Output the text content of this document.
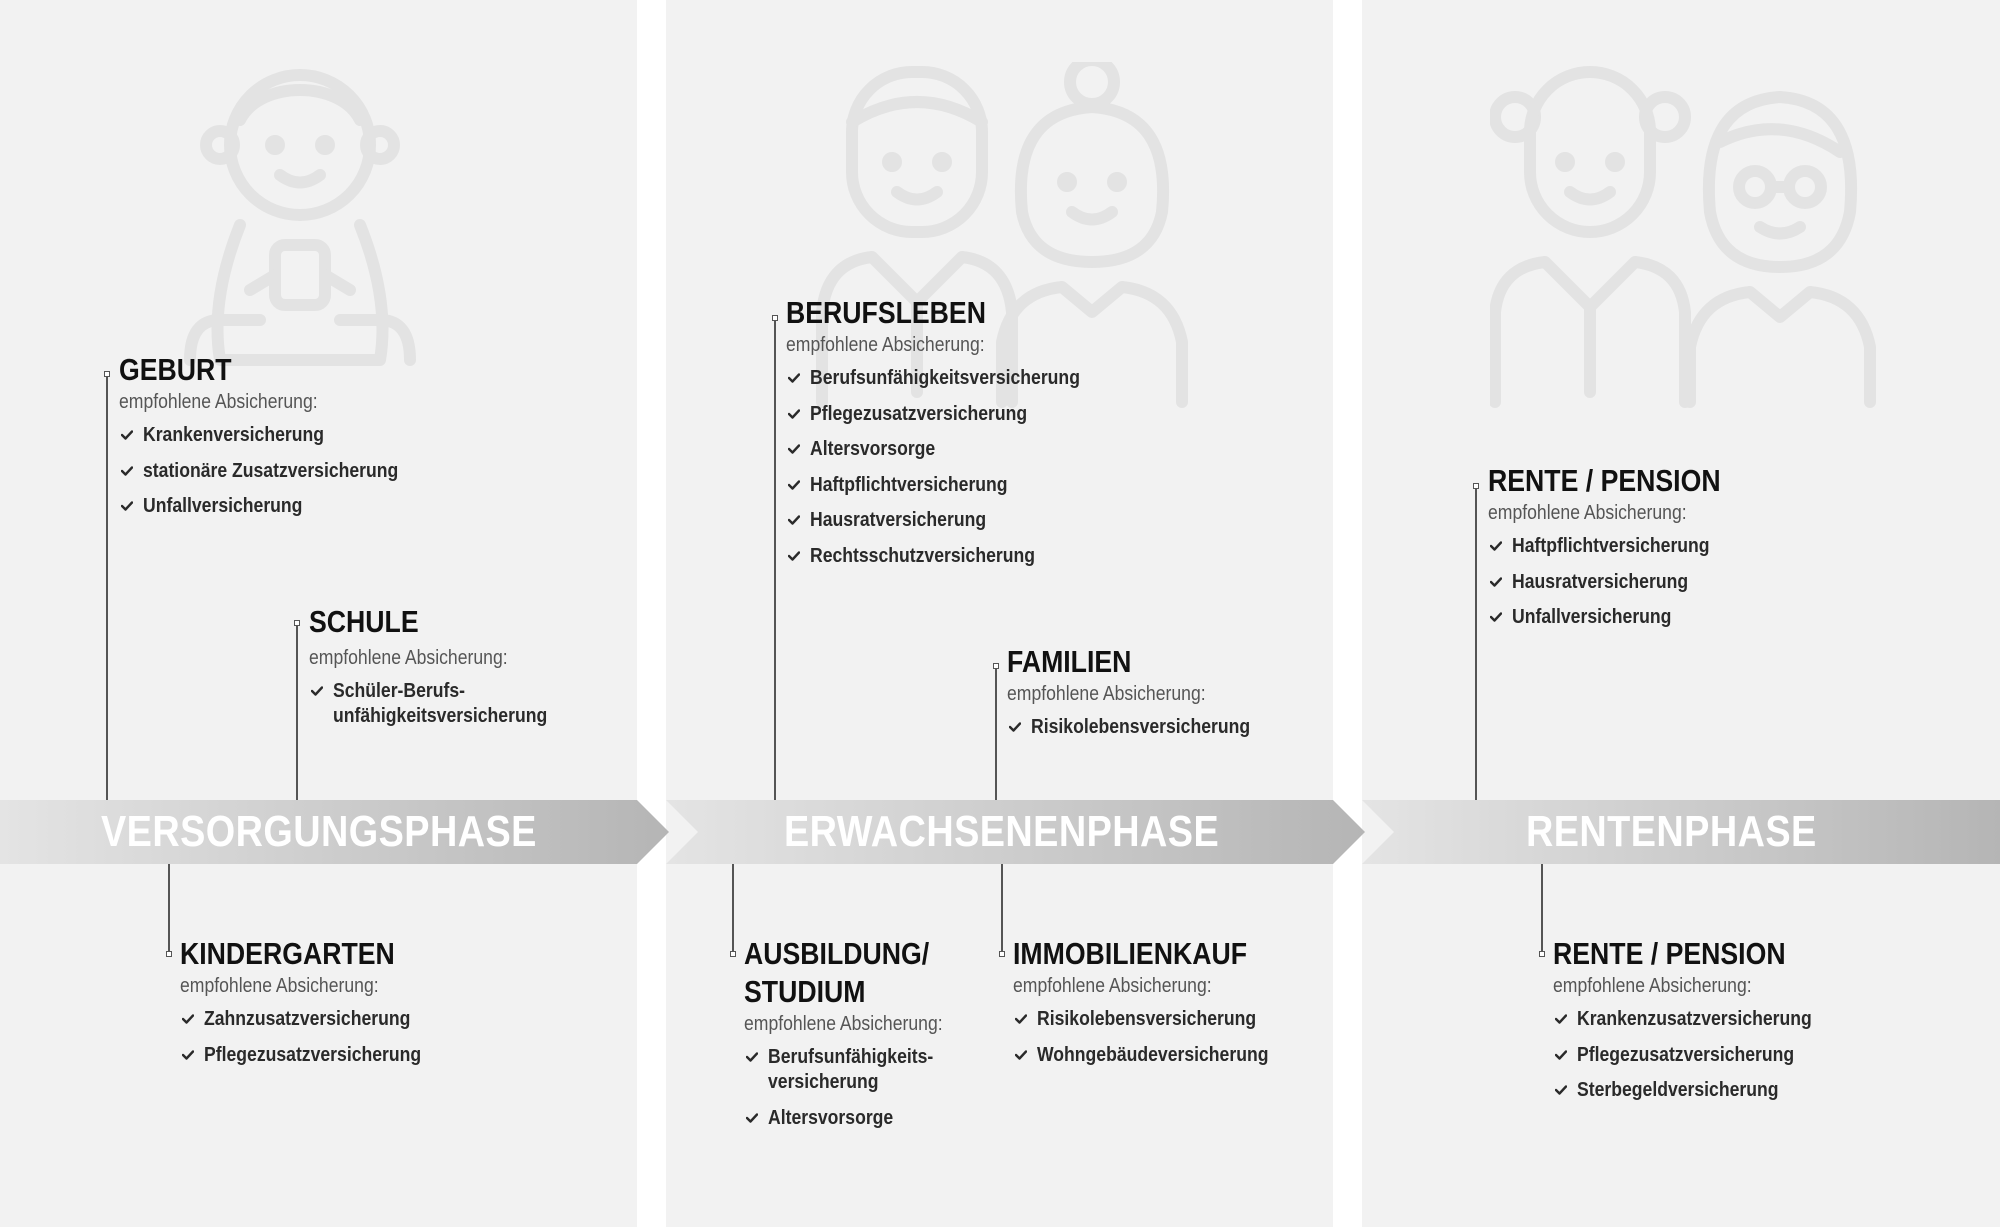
VERSORGUNGSPHASE	ERWACHSENENPHASE	RENTENPHASE
GEBURT
empfohlene Absicherung:
Krankenversicherung
stationäre Zusatzversicherung
Unfallversicherung
SCHULE
empfohlene Absicherung:
Schüler-Berufs-
unfähigkeitsversicherung
KINDERGARTEN
empfohlene Absicherung:
Zahnzusatzversicherung
Pflegezusatzversicherung
BERUFSLEBEN
empfohlene Absicherung:
Berufsunfähigkeitsversicherung
Pflegezusatzversicherung
Altersvorsorge
Haftpflichtversicherung
Hausratversicherung
Rechtsschutzversicherung
FAMILIEN
empfohlene Absicherung:
Risikolebensversicherung
AUSBILDUNG/
STUDIUM
empfohlene Absicherung:
Berufsunfähigkeits-
versicherung
Altersvorsorge
IMMOBILIENKAUF
empfohlene Absicherung:
Risikolebensversicherung
Wohngebäudeversicherung
RENTE / PENSION
empfohlene Absicherung:
Haftpflichtversicherung
Hausratversicherung
Unfallversicherung
RENTE / PENSION
empfohlene Absicherung:
Krankenzusatzversicherung
Pflegezusatzversicherung
Sterbegeldversicherung
